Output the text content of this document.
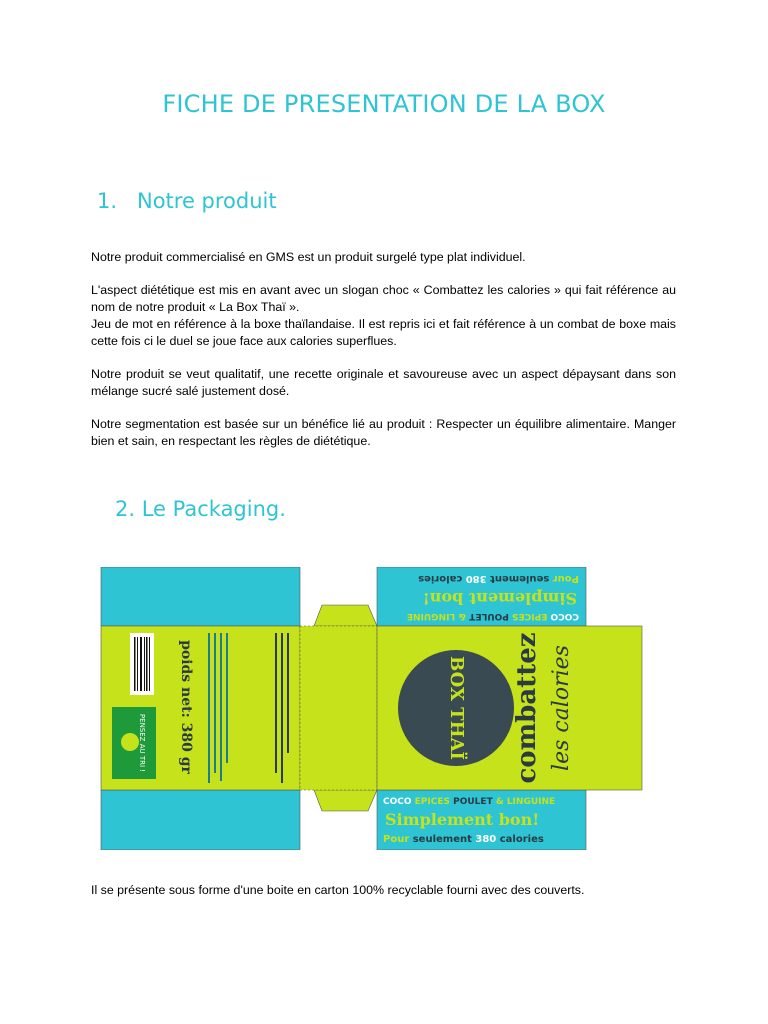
FICHE DE PRESENTATION DE LA BOX
1. Notre produit

Notre produit commercialisé en GMS est un produit surgelé type plat individuel.

L'aspect diététique est mis en avant avec un slogan choc « Combattez les calories » qui fait référence au nom de notre produit « La Box Thaï ».

Jeu de mot en référence à la boxe thaïlandaise. Il est repris ici et fait référence à un combat de boxe mais cette fois ci le duel se joue face aux calories superflues.

Notre produit se veut qualitatif, une recette originale et savoureuse avec un aspect dépaysant dans son mélange sucré salé justement dosé.

Notre segmentation est basée sur un bénéfice lié au produit : Respecter un équilibre alimentaire. Manger bien et sain, en respectant les règles de diététique.

2. Le Packaging.
PENSEZ AU TRI ! poids net: 380 gr	BOX THAÏ combattez les calories
COCO EPICES POULET & LINGUINE
Simplement bon!
Pour seulement 380 calories
COCO EPICES POULET & LINGUINE
Simplement bon!
Pour seulement 380 calories
Il se présente sous forme d'une boite en carton 100% recyclable fourni avec des couverts.
